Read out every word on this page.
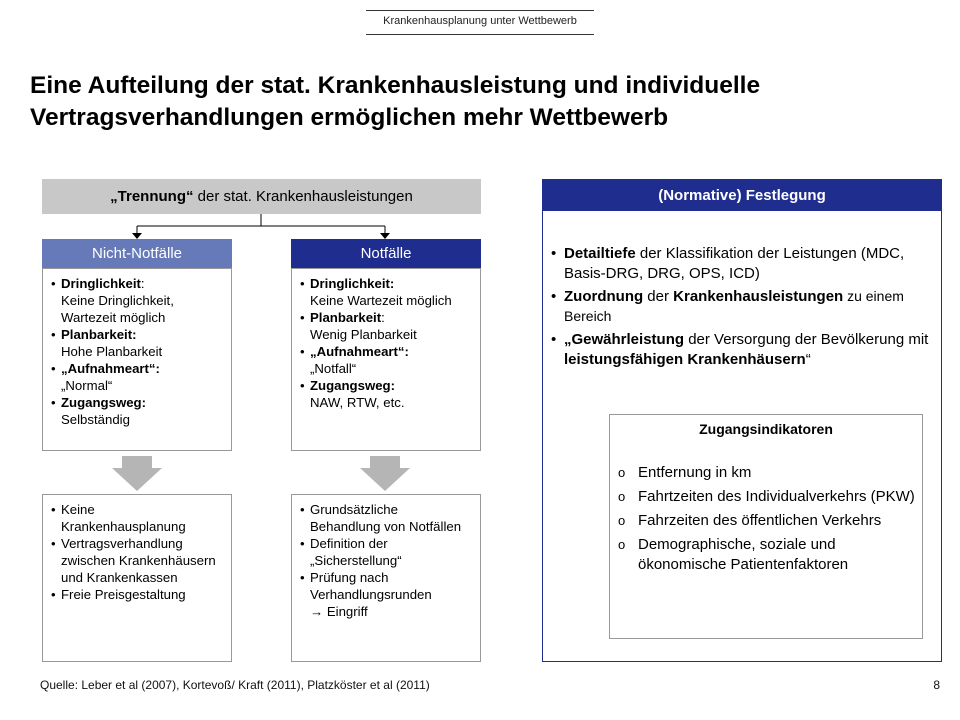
Krankenhausplanung unter Wettbewerb
Eine Aufteilung der stat. Krankenhausleistung und individuelle Vertragsverhandlungen ermöglichen mehr Wettbewerb
„Trennung“ der stat. Krankenhausleistungen
Nicht-Notfälle
• Dringlichkeit:
Keine Dringlichkeit, Wartezeit möglich
• Planbarkeit:
Hohe Planbarkeit
• „Aufnahmeart“:
„Normal“
• Zugangsweg:
Selbständig
Notfälle
• Dringlichkeit:
Keine Wartezeit möglich
• Planbarkeit:
Wenig Planbarkeit
• „Aufnahmeart“:
„Notfall“
• Zugangsweg:
NAW, RTW, etc.
• Keine Krankenhausplanung
• Vertragsverhandlung zwischen Krankenhäusern und Krankenkassen
• Freie Preisgestaltung
• Grundsätzliche Behandlung von Notfällen
• Definition der „Sicherstellung“
• Prüfung nach Verhandlungsrunden
→ Eingriff
(Normative) Festlegung
• Detailtiefe der Klassifikation der Leistungen (MDC, Basis-DRG, DRG, OPS, ICD)
• Zuordnung der Krankenhausleistungen zu einem Bereich
• „Gewährleistung der Versorgung der Bevölkerung mit leistungsfähigen Krankenhäusern“
Zugangsindikatoren
o Entfernung in km
o Fahrtzeiten des Individualverkehrs (PKW)
o Fahrzeiten des öffentlichen Verkehrs
o Demographische, soziale und ökonomische Patientenfaktoren
Quelle: Leber et al (2007), Kortevoß/ Kraft (2011), Platzköster et al (2011)	8
